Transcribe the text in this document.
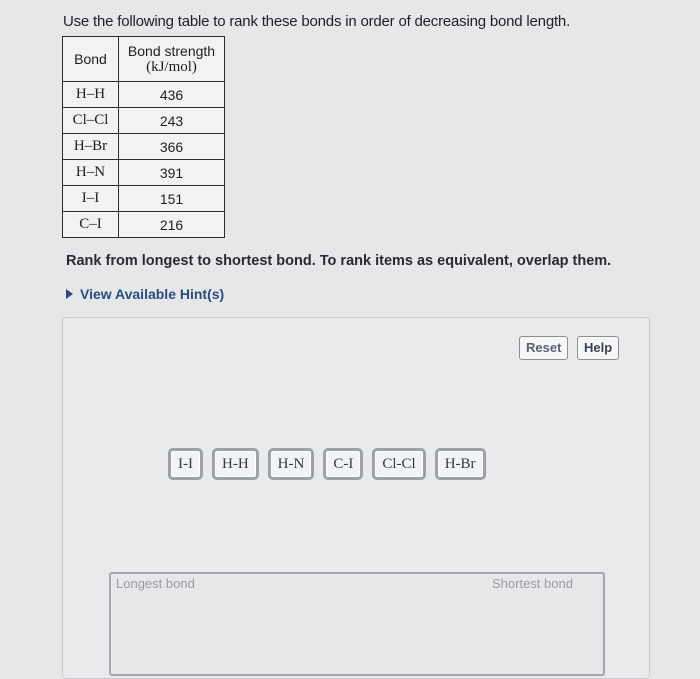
Use the following table to rank these bonds in order of decreasing bond length.
Bond	Bond strength
(kJ/mol)

H–H	436
Cl–Cl	243
H–Br	366
H–N	391
I–I	151
C–I	216
Rank from longest to shortest bond. To rank items as equivalent, overlap them.
View Available Hint(s)
Reset	Help
I-I	H-H	H-N	C-I	Cl-Cl	H-Br
Longest bond	Shortest bond
